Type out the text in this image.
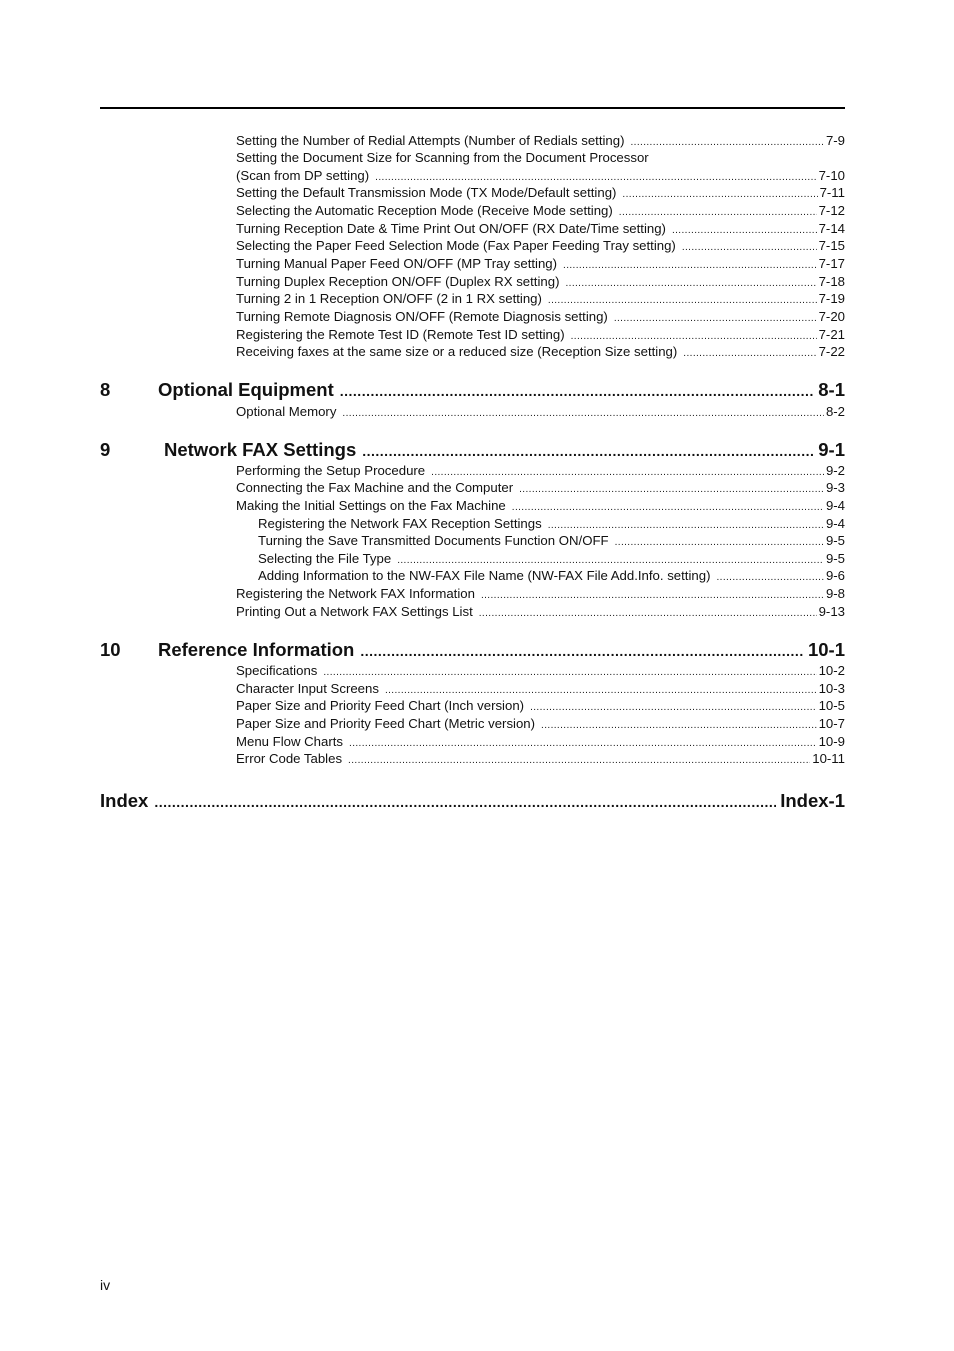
Setting the Number of Redial Attempts (Number of Redials setting) .....	7-9
Setting the Document Size for Scanning from the Document Processor
(Scan from DP setting) .....	7-10
Setting the Default Transmission Mode (TX Mode/Default setting) .....	7-11
Selecting the Automatic Reception Mode (Receive Mode setting) .....	7-12
Turning Reception Date & Time Print Out ON/OFF (RX Date/Time setting) .....	7-14
Selecting the Paper Feed Selection Mode (Fax Paper Feeding Tray setting) .....	7-15
Turning Manual Paper Feed ON/OFF (MP Tray setting) .....	7-17
Turning Duplex Reception ON/OFF (Duplex RX setting) .....	7-18
Turning 2 in 1 Reception ON/OFF (2 in 1 RX setting) .....	7-19
Turning Remote Diagnosis ON/OFF (Remote Diagnosis setting) .....	7-20
Registering the Remote Test ID (Remote Test ID setting) .....	7-21
Receiving faxes at the same size or a reduced size (Reception Size setting) .....	7-22
8	Optional Equipment .....	8-1
Optional Memory .....	8-2
9	Network FAX Settings .....	9-1
Performing the Setup Procedure .....	9-2
Connecting the Fax Machine and the Computer .....	9-3
Making the Initial Settings on the Fax Machine .....	9-4
Registering the Network FAX Reception Settings .....	9-4
Turning the Save Transmitted Documents Function ON/OFF .....	9-5
Selecting the File Type .....	9-5
Adding Information to the NW-FAX File Name (NW-FAX File Add.Info. setting) .....	9-6
Registering the Network FAX Information .....	9-8
Printing Out a Network FAX Settings List .....	9-13
10	Reference Information .....	10-1
Specifications .....	10-2
Character Input Screens .....	10-3
Paper Size and Priority Feed Chart (Inch version) .....	10-5
Paper Size and Priority Feed Chart (Metric version) .....	10-7
Menu Flow Charts .....	10-9
Error Code Tables .....	10-11
Index .....	Index-1
iv
